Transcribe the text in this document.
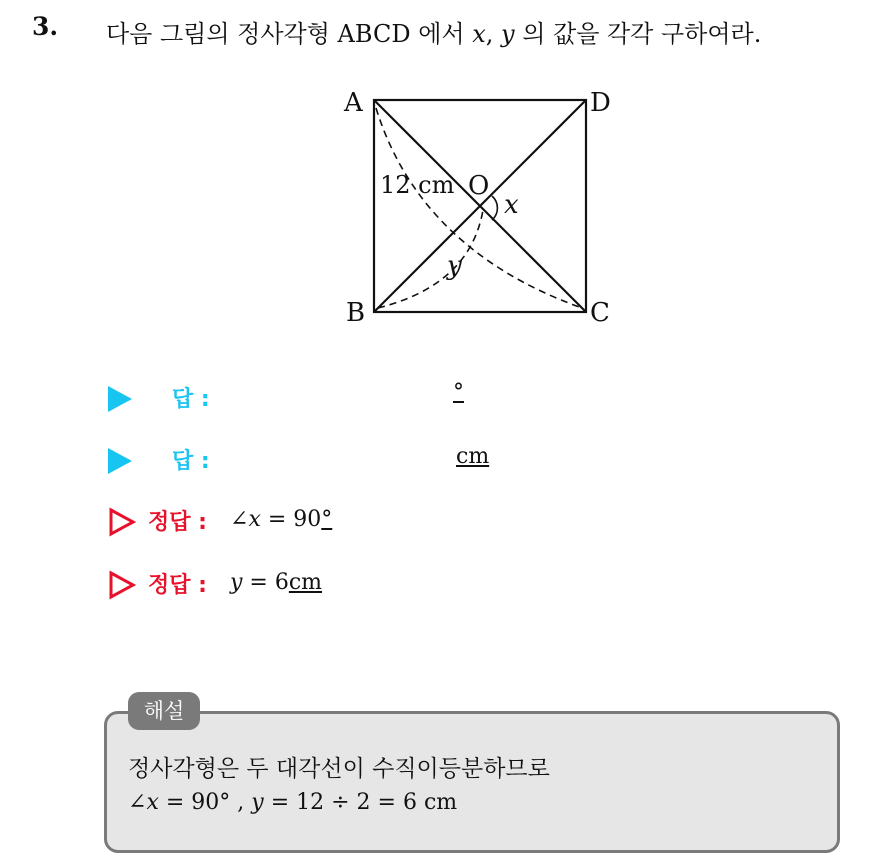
3. 다음 그림의 정사각형 ABCD 에서 x, y 의 값을 각각 구하여라.
A	D
B	C
O
12 cm
x
y
답 :	°
답 :	cm
정답 : ∠x = 90°
정답 : y = 6cm
해설
정사각형은 두 대각선이 수직이등분하므로
∠x = 90° , y = 12 ÷ 2 = 6 cm
